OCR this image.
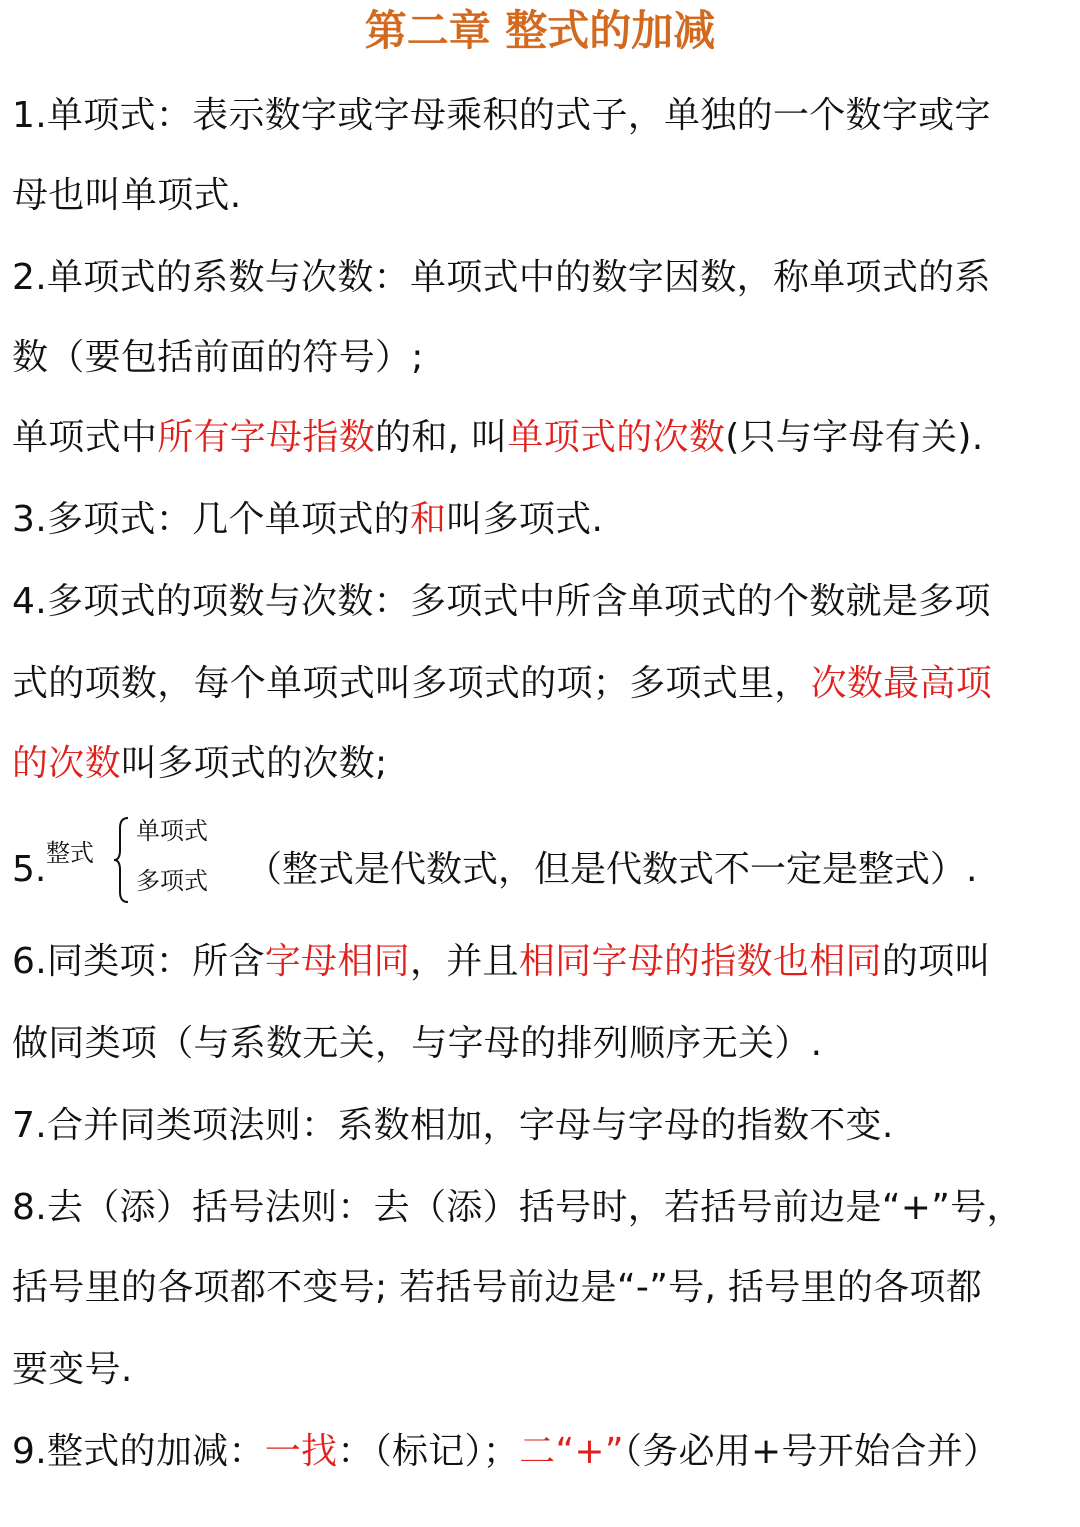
第二章 整式的加减
1.单项式：表示数字或字母乘积的式子，单独的一个数字或字
母也叫单项式.
2.单项式的系数与次数：单项式中的数字因数，称单项式的系
数（要包括前面的符号）;
单项式中所有字母指数的和, 叫单项式的次数(只与字母有关).
3.多项式：几个单项式的和叫多项式.
4.多项式的项数与次数：多项式中所含单项式的个数就是多项
式的项数，每个单项式叫多项式的项；多项式里，次数最高项
的次数叫多项式的次数;
6.同类项：所含字母相同，并且相同字母的指数也相同的项叫
做同类项（与系数无关，与字母的排列顺序无关）.
7.合并同类项法则：系数相加，字母与字母的指数不变.
8.去（添）括号法则：去（添）括号时，若括号前边是“+”号，
括号里的各项都不变号; 若括号前边是“-”号, 括号里的各项都
要变号.
9.整式的加减：一找：（标记）；二“+”（务必用+号开始合并）
5. 整式
单项式
多项式 （整式是代数式，但是代数式不一定是整式）.
